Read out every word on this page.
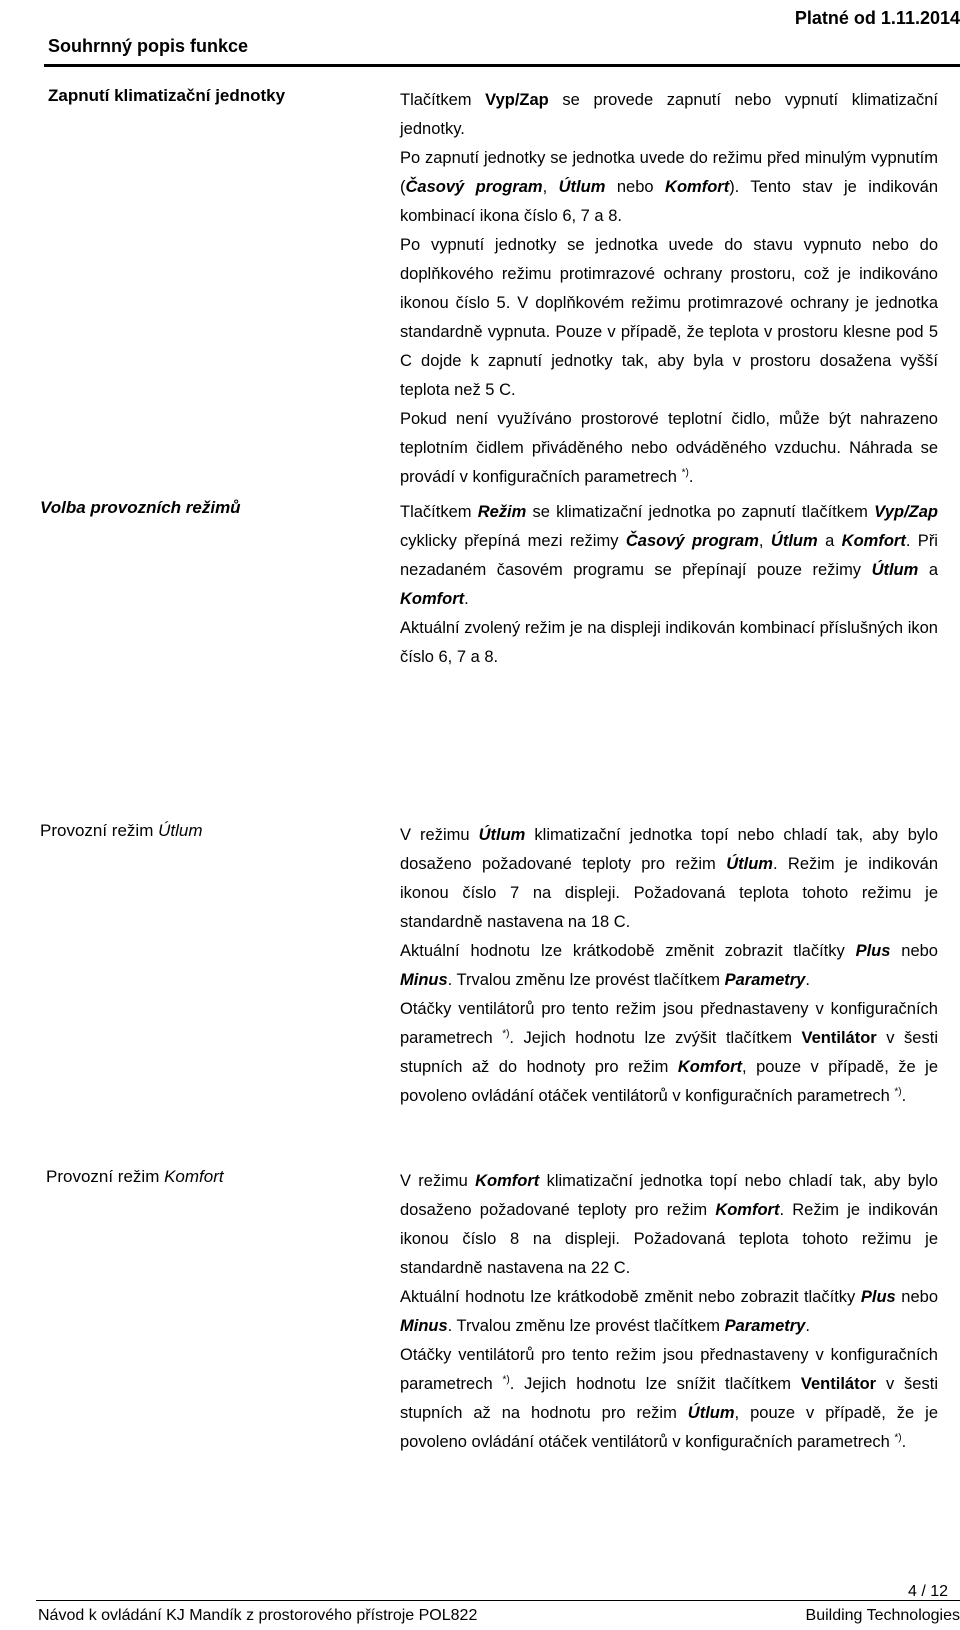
Platné od 1.11.2014
Souhrnný popis funkce
Zapnutí klimatizační jednotky	Tlačítkem Vyp/Zap se provede zapnutí nebo vypnutí klimatizační jednotky.

Po zapnutí jednotky se jednotka uvede do režimu před minulým vypnutím (Časový program, Útlum nebo Komfort). Tento stav je indikován kombinací ikona číslo 6, 7 a 8.

Po vypnutí jednotky se jednotka uvede do stavu vypnuto nebo do doplňkového režimu protimrazové ochrany prostoru, což je indikováno ikonou číslo 5. V doplňkovém režimu protimrazové ochrany je jednotka standardně vypnuta. Pouze v případě, že teplota v prostoru klesne pod 5 C dojde k zapnutí jednotky tak, aby byla v prostoru dosažena vyšší teplota než 5 C.

Pokud není využíváno prostorové teplotní čidlo, může být nahrazeno teplotním čidlem přiváděného nebo odváděného vzduchu. Náhrada se provádí v konfiguračních parametrech *).

Volba provozních režimů	Tlačítkem Režim se klimatizační jednotka po zapnutí tlačítkem Vyp/Zap cyklicky přepíná mezi režimy Časový program, Útlum a Komfort. Při nezadaném časovém programu se přepínají pouze režimy Útlum a Komfort.

Aktuální zvolený režim je na displeji indikován kombinací příslušných ikon číslo 6, 7 a 8.

Provozní režim Útlum	V režimu Útlum klimatizační jednotka topí nebo chladí tak, aby bylo dosaženo požadované teploty pro režim Útlum. Režim je indikován ikonou číslo 7 na displeji. Požadovaná teplota tohoto režimu je standardně nastavena na 18 C.

Aktuální hodnotu lze krátkodobě změnit zobrazit tlačítky Plus nebo Minus. Trvalou změnu lze provést tlačítkem Parametry.

Otáčky ventilátorů pro tento režim jsou přednastaveny v konfiguračních parametrech *). Jejich hodnotu lze zvýšit tlačítkem Ventilátor v šesti stupních až do hodnoty pro režim Komfort, pouze v případě, že je povoleno ovládání otáček ventilátorů v konfiguračních parametrech *).

Provozní režim Komfort	V režimu Komfort klimatizační jednotka topí nebo chladí tak, aby bylo dosaženo požadované teploty pro režim Komfort. Režim je indikován ikonou číslo 8 na displeji. Požadovaná teplota tohoto režimu je standardně nastavena na 22 C.

Aktuální hodnotu lze krátkodobě změnit nebo zobrazit tlačítky Plus nebo Minus. Trvalou změnu lze provést tlačítkem Parametry.

Otáčky ventilátorů pro tento režim jsou přednastaveny v konfiguračních parametrech *). Jejich hodnotu lze snížit tlačítkem Ventilátor v šesti stupních až na hodnotu pro režim Útlum, pouze v případě, že je povoleno ovládání otáček ventilátorů v konfiguračních parametrech *).

4 / 12
Návod k ovládání KJ Mandík z prostorového přístroje POL822	Building Technologies
